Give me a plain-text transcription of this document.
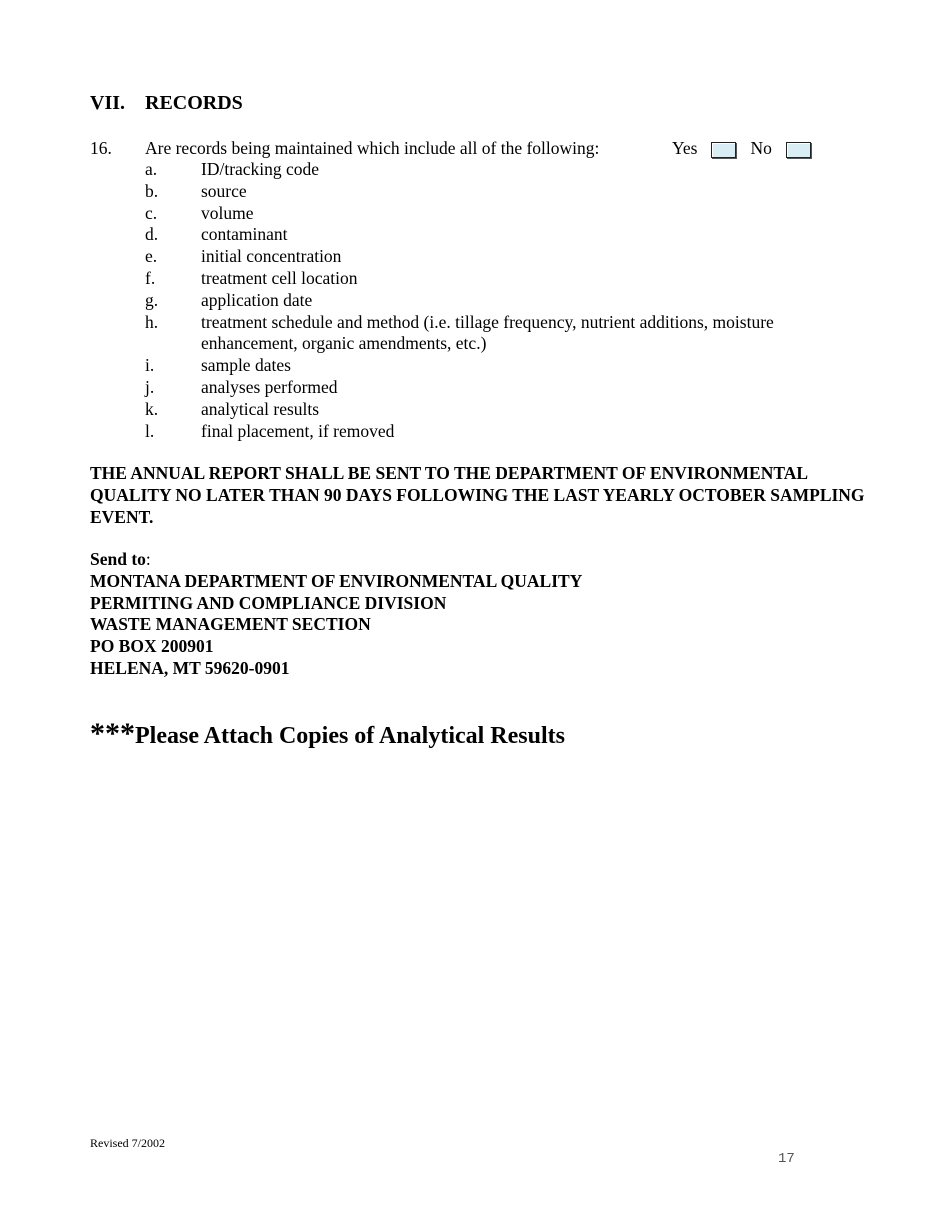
VII. RECORDS
16. Are records being maintained which include all of the following:	Yes	No
a.	ID/tracking code
b. source
c.	volume
d. contaminant
e.	initial concentration
f.	treatment cell location
g. application date
h. treatment schedule and method (i.e. tillage frequency, nutrient additions, moisture enhancement, organic amendments, etc.)
i.	sample dates
j.	analyses performed
k. analytical results
l.	final placement, if removed

THE ANNUAL REPORT SHALL BE SENT TO THE DEPARTMENT OF ENVIRONMENTAL QUALITY NO LATER THAN 90 DAYS FOLLOWING THE LAST YEARLY OCTOBER SAMPLING EVENT.

Send to:
MONTANA DEPARTMENT OF ENVIRONMENTAL QUALITY
PERMITING AND COMPLIANCE DIVISION
WASTE MANAGEMENT SECTION
PO BOX 200901
HELENA, MT 59620-0901
***Please Attach Copies of Analytical Results
Revised 7/2002
17
